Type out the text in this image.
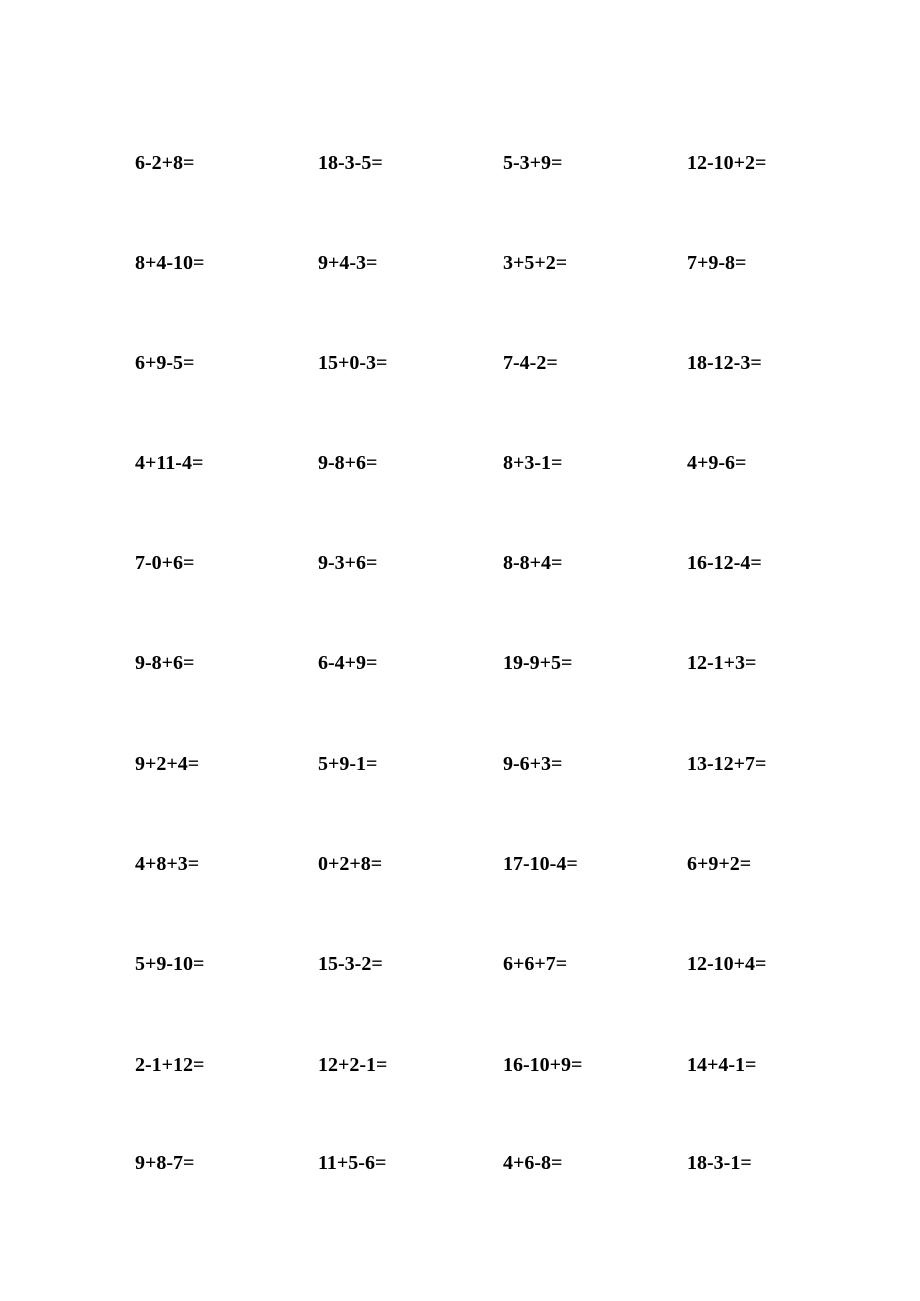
6-2+8=	18-3-5=	5-3+9=	12-10+2=
8+4-10=	9+4-3=	3+5+2=	7+9-8=
6+9-5=	15+0-3=	7-4-2=	18-12-3=
4+11-4=	9-8+6=	8+3-1=	4+9-6=
7-0+6=	9-3+6=	8-8+4=	16-12-4=
9-8+6=	6-4+9=	19-9+5=	12-1+3=
9+2+4=	5+9-1=	9-6+3=	13-12+7=
4+8+3=	0+2+8=	17-10-4=	6+9+2=
5+9-10=	15-3-2=	6+6+7=	12-10+4=
2-1+12=	12+2-1=	16-10+9=	14+4-1=
9+8-7=	11+5-6=	4+6-8=	18-3-1=
